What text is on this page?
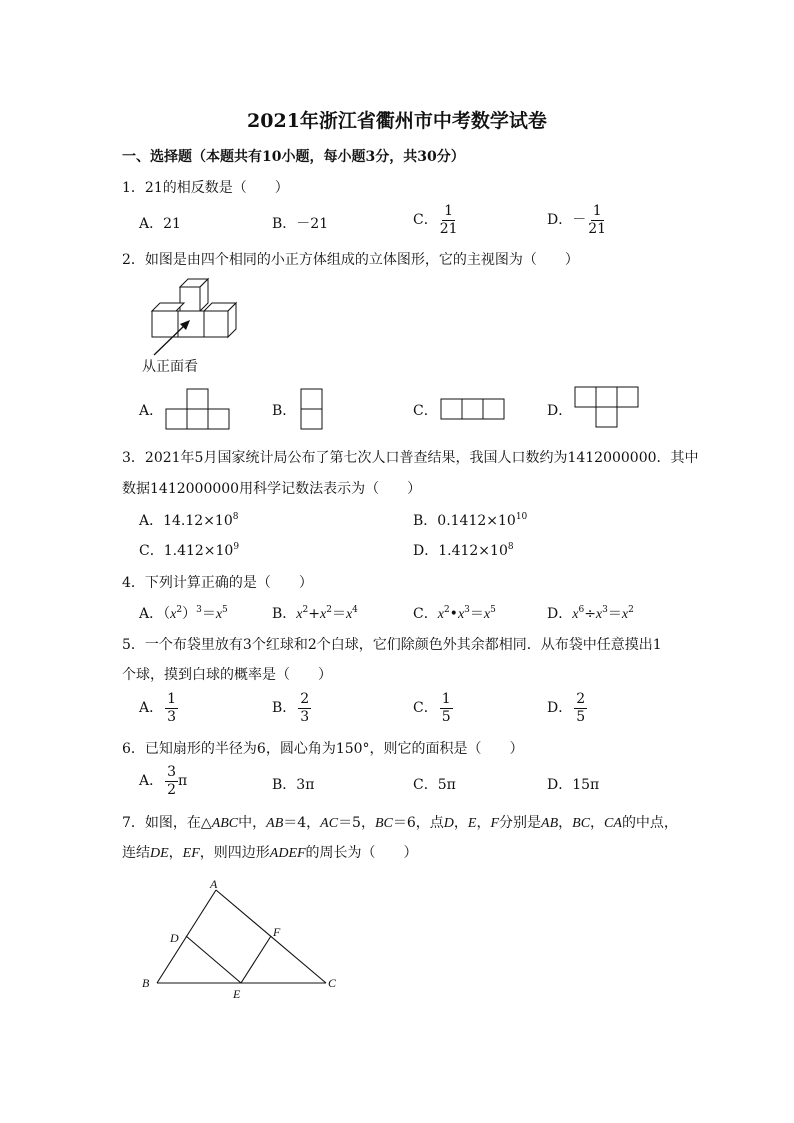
2021年浙江省衢州市中考数学试卷
一、选择题（本题共有10小题，每小题3分，共30分）
1．21的相反数是（　　）
A．21	B．－21	C． $\frac{1}{21}$	D．－ $\frac{1}{21}$
2．如图是由四个相同的小正方体组成的立体图形，它的主视图为（　　）
从正面看
A．	B．	C．	D．
3．2021年5月国家统计局公布了第七次人口普查结果，我国人口数约为1412000000．其中
数据1412000000用科学记数法表示为（　　）
A．$14.12\times 10^8$	B．$0.1412\times 10^{10}$
C．$1.412\times 10^9$	D．$1.412\times 10^8$
4．下列计算正确的是（　　）
A．$(x^2)^3=x^5$	B．$x^2+x^2=x^4$	C．$x^2•x^3=x^5$	D．$x^6\div x^3=x^2$
5．一个布袋里放有3个红球和2个白球，它们除颜色外其余都相同．从布袋中任意摸出1
个球，摸到白球的概率是（　　）
A． $\frac{1}{3}$	B． $\frac{2}{3}$	C． $\frac{1}{5}$	D． $\frac{2}{5}$
6．已知扇形的半径为6，圆心角为150°，则它的面积是（　　）
A． $\frac{3}{2}$ π	B．3π	C．5π	D．15π
7．如图，在△ABC中，AB＝4，AC＝5，BC＝6，点D，E，F分别是AB，BC，CA的中点，
连结DE，EF，则四边形ADEF的周长为（　　）
A
B	C
D
E
F
